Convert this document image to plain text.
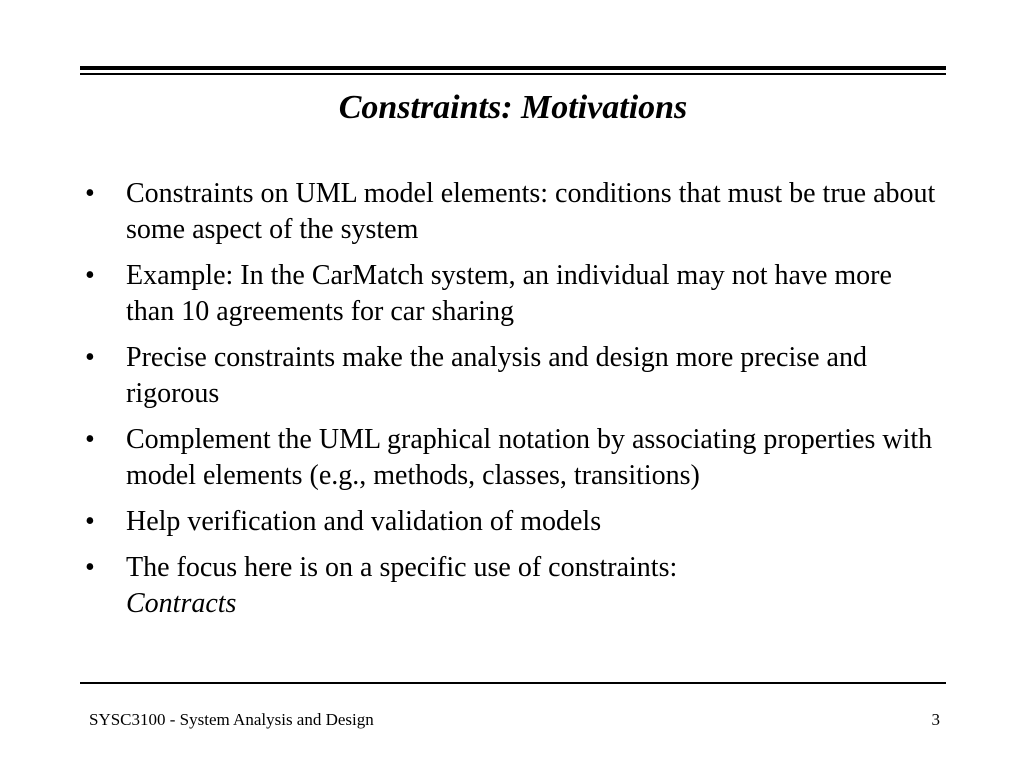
Constraints: Motivations
•	Constraints on UML model elements: conditions that must be true about some aspect of the system
•	Example: In the CarMatch system, an individual may not have more than 10 agreements for car sharing
•	Precise constraints make the analysis and design more precise and rigorous
•	Complement the UML graphical notation by associating properties with model elements (e.g., methods, classes, transitions)
•	Help verification and validation of models
•	The focus here is on a specific use of constraints:
Contracts
SYSC3100 - System Analysis and Design	3
